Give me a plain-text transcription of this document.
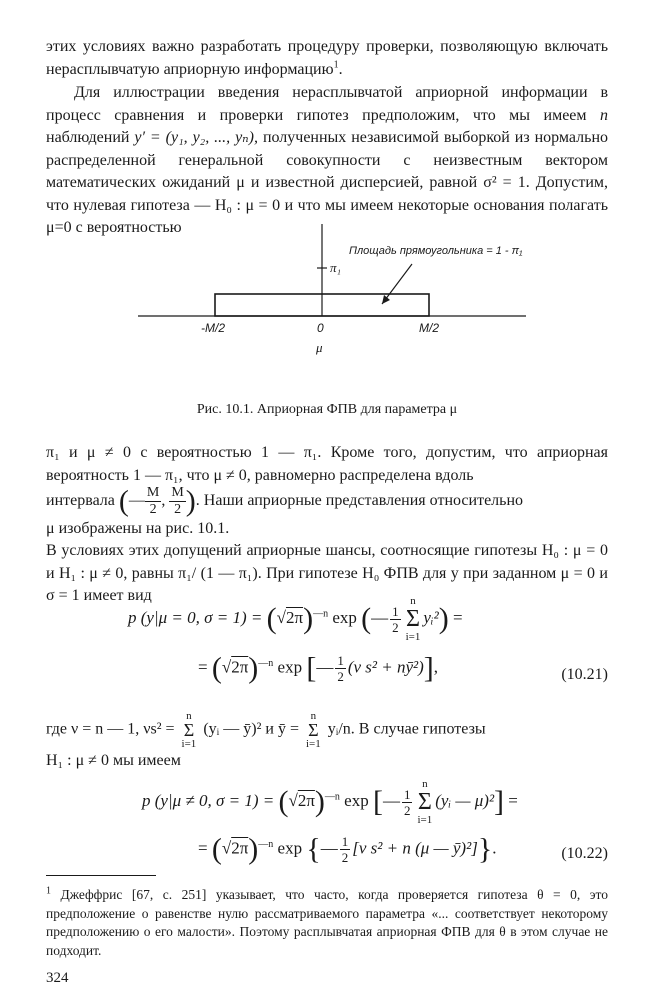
этих условиях важно разработать процедуру проверки, позволяющую включать нерасплывчатую априорную информацию$^1$.

Для иллюстрации введения нерасплывчатой априорной информации в процесс сравнения и проверки гипотез предположим, что мы имеем n наблюдений y′ = (y₁, y₂, ..., yₙ), полученных независимой выборкой из нормально распределенной генеральной совокупности с неизвестным вектором математических ожиданий μ и известной дисперсией, равной σ² = 1. Допустим, что нулевая гипотеза — H₀ : μ = 0 и что мы имеем некоторые основания полагать μ=0 с вероятностью

π₁
Площадь прямоугольника = 1 - π₁
-M/2	0	M/2
μ
Рис. 10.1. Априорная ФПВ для параметра μ

π₁ и μ ≠ 0 с вероятностью 1 — π₁. Кроме того, допустим, что априорная вероятность 1 — π₁, что μ ≠ 0, равномерно распределена вдоль

интервала (— $\frac{M}{2}$ , $\frac{M}{2}$ ). Наши априорные представления относительно

μ изображены на рис. 10.1.

В условиях этих допущений априорные шансы, соотносящие гипотезы H₀ : μ = 0 и H₁ : μ ≠ 0, равны π₁/ (1 — π₁). При гипотезе H₀ ФПВ для y при заданном μ = 0 и σ = 1 имеет вид

p (y|μ = 0, $\sigma = 1) = (√2\pi)^{—n}$ exp (— $\frac{1}{2}$
n
Σ
i=1
yᵢ²) =
= $(√2\pi)^{—n}$ exp [— $\frac{1}{2} (\nu$ s² + nȳ²)],	(10.21)

где ν = n — 1, νs² =
n
Σ
i=1
(yᵢ — ȳ)² и ȳ =
n
Σ
i=1
yᵢ/n. В случае гипотезы

H₁ : μ ≠ 0 мы имеем

p (y|μ ≠ 0, $\sigma = 1) = (√2\pi)^{—n}$ exp [— $\frac{1}{2}$
n
Σ
i=1
(yᵢ — μ)²] =
= $(√2\pi)^{—n}$ exp {— $\frac{1}{2} [\nu$ s² + n (μ — ȳ)²]}.	(10.22)

$^1$ Джеффрис [67, с. 251] указывает, что часто, когда проверяется гипотеза θ = 0, это предположение о равенстве нулю рассматриваемого параметра «... соответствует некоторому предположению о его малости». Поэтому расплывчатая априорная ФПВ для θ в этом случае не подходит.

324
